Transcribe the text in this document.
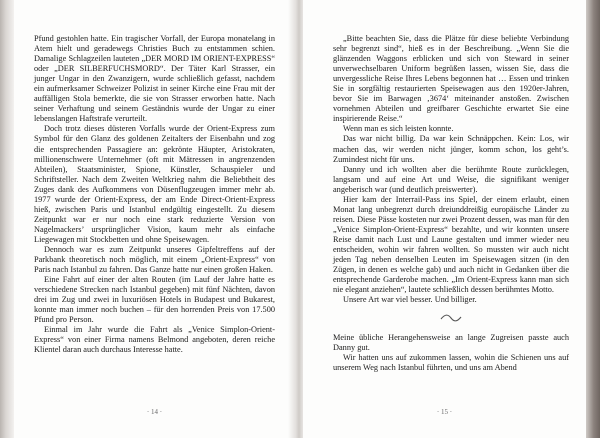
Pfund gestohlen hatte. Ein tragischer Vorfall, der Europa monatelang in Atem hielt und geradewegs Christies Buch zu entstammen schien. Damalige Schlagzeilen lauteten „DER MORD IM ORIENT-EXPRESS“ oder „DER SILBERFUCHSMORD“. Der Täter Karl Strasser, ein junger Ungar in den Zwanzigern, wurde schließlich gefasst, nachdem ein aufmerksamer Schweizer Polizist in seiner Kirche eine Frau mit der auffälligen Stola bemerkte, die sie von Strasser erworben hatte. Nach seiner Verhaftung und seinem Geständnis wurde der Ungar zu einer lebenslangen Haftstrafe verurteilt.

Doch trotz dieses düsteren Vorfalls wurde der Orient-Express zum Symbol für den Glanz des goldenen Zeitalters der Eisenbahn und zog die entsprechenden Passagiere an: gekrönte Häupter, Aristokraten, millionenschwere Unternehmer (oft mit Mätressen in angrenzenden Abteilen), Staatsminister, Spione, Künstler, Schauspieler und Schriftsteller. Nach dem Zweiten Weltkrieg nahm die Beliebtheit des Zuges dank des Aufkommens von Düsenflugzeugen immer mehr ab. 1977 wurde der Orient-Express, der am Ende Direct-Orient-Express hieß, zwischen Paris und Istanbul endgültig eingestellt. Zu diesem Zeitpunkt war er nur noch eine stark reduzierte Version von Nagelmackers’ ursprünglicher Vision, kaum mehr als einfache Liegewagen mit Stockbetten und ohne Speisewagen.

Dennoch war es zum Zeitpunkt unseres Gipfeltreffens auf der Parkbank theoretisch noch möglich, mit einem „Orient-Express“ von Paris nach Istanbul zu fahren. Das Ganze hatte nur einen großen Haken.

Eine Fahrt auf einer der alten Routen (im Lauf der Jahre hatte es verschiedene Strecken nach Istanbul gegeben) mit fünf Nächten, davon drei im Zug und zwei in luxuriösen Hotels in Budapest und Bukarest, konnte man immer noch buchen – für den horrenden Preis von 17.500 Pfund pro Person.

Einmal im Jahr wurde die Fahrt als „Venice Simplon-Orient-Express“ von einer Firma namens Belmond angeboten, deren reiche Klientel daran auch durchaus Interesse hatte.

· 14 ·

„Bitte beachten Sie, dass die Plätze für diese beliebte Verbindung sehr begrenzt sind“, hieß es in der Beschreibung. „Wenn Sie die glänzenden Waggons erblicken und sich von Steward in seiner unverwechselbaren Uniform begrüßen lassen, wissen Sie, dass die unvergessliche Reise Ihres Lebens begonnen hat … Essen und trinken Sie in sorgfältig restaurierten Speisewagen aus den 1920er-Jahren, bevor Sie im Barwagen ‚3674‘ miteinander anstoßen. Zwischen vornehmen Abteilen und greifbarer Geschichte erwartet Sie eine inspirierende Reise.“

Wenn man es sich leisten konnte.

Das war nicht billig. Da war kein Schnäppchen. Kein: Los, wir machen das, wir werden nicht jünger, komm schon, los geht’s. Zumindest nicht für uns.

Danny und ich wollten aber die berühmte Route zurücklegen, langsam und auf eine Art und Weise, die signifikant weniger angeberisch war (und deutlich preiswerter).

Hier kam der Interrail-Pass ins Spiel, der einem erlaubt, einen Monat lang unbegrenzt durch dreiunddreißig europäische Länder zu reisen. Diese Pässe kosteten nur zwei Prozent dessen, was man für den „Venice Simplon-Orient-Express“ bezahlte, und wir konnten unsere Reise damit nach Lust und Laune gestalten und immer wieder neu entscheiden, wohin wir fahren wollten. So mussten wir auch nicht jeden Tag neben denselben Leuten im Speisewagen sitzen (in den Zügen, in denen es welche gab) und auch nicht in Gedanken über die entsprechende Garderobe machen. „Im Orient-Express kann man sich nie elegant anziehen“, lautete schließlich dessen berühmtes Motto.

Unsere Art war viel besser. Und billiger.

Meine übliche Herangehensweise an lange Zugreisen passte auch Danny gut.

Wir hatten uns auf zukommen lassen, wohin die Schienen uns auf unserem Weg nach Istanbul führten, und uns am Abend

· 15 ·
